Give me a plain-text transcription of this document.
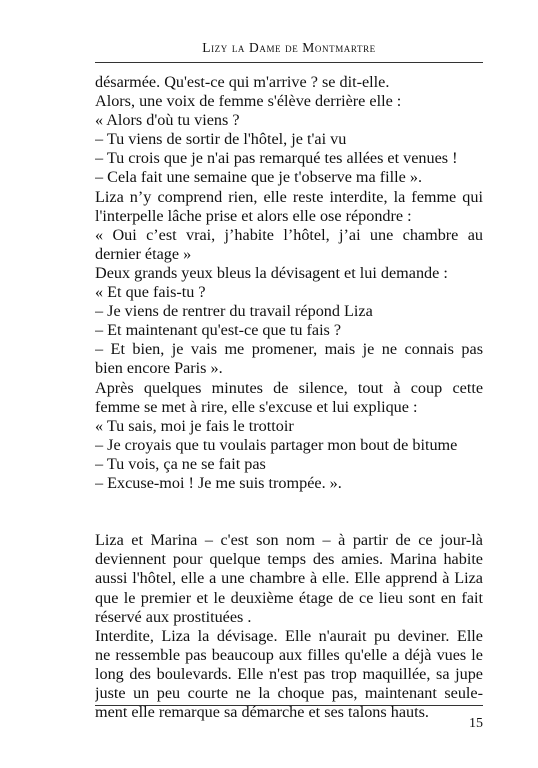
Lizy la Dame de Montmartre
désarmée. Qu'est-ce qui m'arrive ? se dit-elle.
Alors, une voix de femme s'élève derrière elle :
« Alors d'où tu viens ?
– Tu viens de sortir de l'hôtel, je t'ai vu
– Tu crois que je n'ai pas remarqué tes allées et venues !
– Cela fait une semaine que je t'observe ma fille ».
Liza n’y comprend rien, elle reste interdite, la femme qui
l'interpelle lâche prise et alors elle ose répondre :
« Oui c’est vrai, j’habite l’hôtel, j’ai une chambre au
dernier étage »
Deux grands yeux bleus la dévisagent et lui demande :
« Et que fais-tu ?
– Je viens de rentrer du travail répond Liza
– Et maintenant qu'est-ce que tu fais ?
– Et bien, je vais me promener, mais je ne connais pas
bien encore Paris ».
Après quelques minutes de silence, tout à coup cette
femme se met à rire, elle s'excuse et lui explique :
« Tu sais, moi je fais le trottoir
– Je croyais que tu voulais partager mon bout de bitume
– Tu vois, ça ne se fait pas
– Excuse-moi ! Je me suis trompée. ».
Liza et Marina – c'est son nom – à partir de ce jour-là
deviennent pour quelque temps des amies. Marina habite
aussi l'hôtel, elle a une chambre à elle. Elle apprend à Liza
que le premier et le deuxième étage de ce lieu sont en fait
réservé aux prostituées .
Interdite, Liza la dévisage. Elle n'aurait pu deviner. Elle
ne ressemble pas beaucoup aux filles qu'elle a déjà vues le
long des boulevards. Elle n'est pas trop maquillée, sa jupe
juste un peu courte ne la choque pas, maintenant seule-
ment elle remarque sa démarche et ses talons hauts.
15
